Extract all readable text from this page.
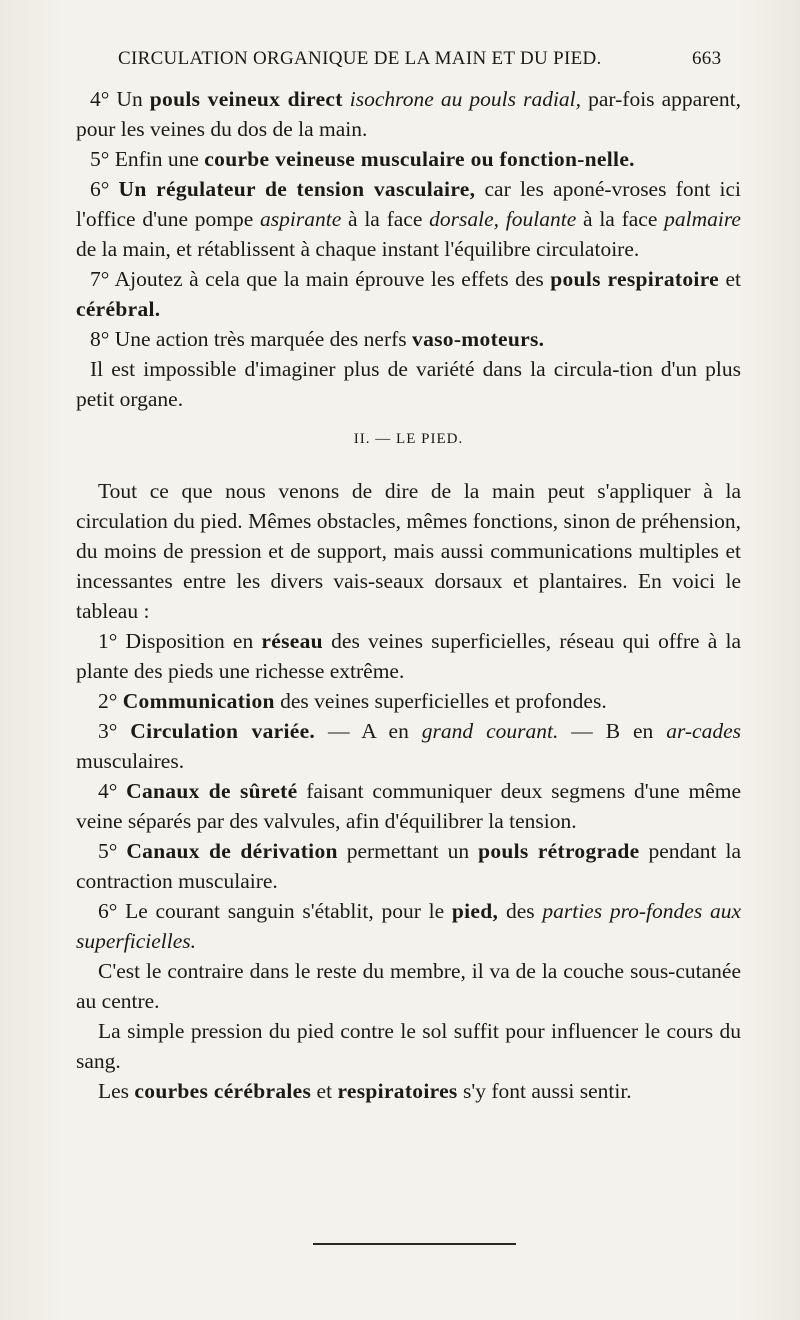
CIRCULATION ORGANIQUE DE LA MAIN ET DU PIED.	663

4° Un pouls veineux direct isochrone au pouls radial, par-fois apparent, pour les veines du dos de la main.

5° Enfin une courbe veineuse musculaire ou fonction-nelle.

6° Un régulateur de tension vasculaire, car les aponé-vroses font ici l'office d'une pompe aspirante à la face dorsale, foulante à la face palmaire de la main, et rétablissent à chaque instant l'équilibre circulatoire.

7° Ajoutez à cela que la main éprouve les effets des pouls respiratoire et cérébral.

8° Une action très marquée des nerfs vaso-moteurs.

Il est impossible d'imaginer plus de variété dans la circula-tion d'un plus petit organe.

II. — LE PIED.

Tout ce que nous venons de dire de la main peut s'appliquer à la circulation du pied. Mêmes obstacles, mêmes fonctions, sinon de préhension, du moins de pression et de support, mais aussi communications multiples et incessantes entre les divers vais-seaux dorsaux et plantaires. En voici le tableau :

1° Disposition en réseau des veines superficielles, réseau qui offre à la plante des pieds une richesse extrême.

2° Communication des veines superficielles et profondes.

3° Circulation variée. — A en grand courant. — B en ar-cades musculaires.

4° Canaux de sûreté faisant communiquer deux segmens d'une même veine séparés par des valvules, afin d'équilibrer la tension.

5° Canaux de dérivation permettant un pouls rétrograde pendant la contraction musculaire.

6° Le courant sanguin s'établit, pour le pied, des parties pro-fondes aux superficielles.

C'est le contraire dans le reste du membre, il va de la couche sous-cutanée au centre.

La simple pression du pied contre le sol suffit pour influencer le cours du sang.

Les courbes cérébrales et respiratoires s'y font aussi sentir.
